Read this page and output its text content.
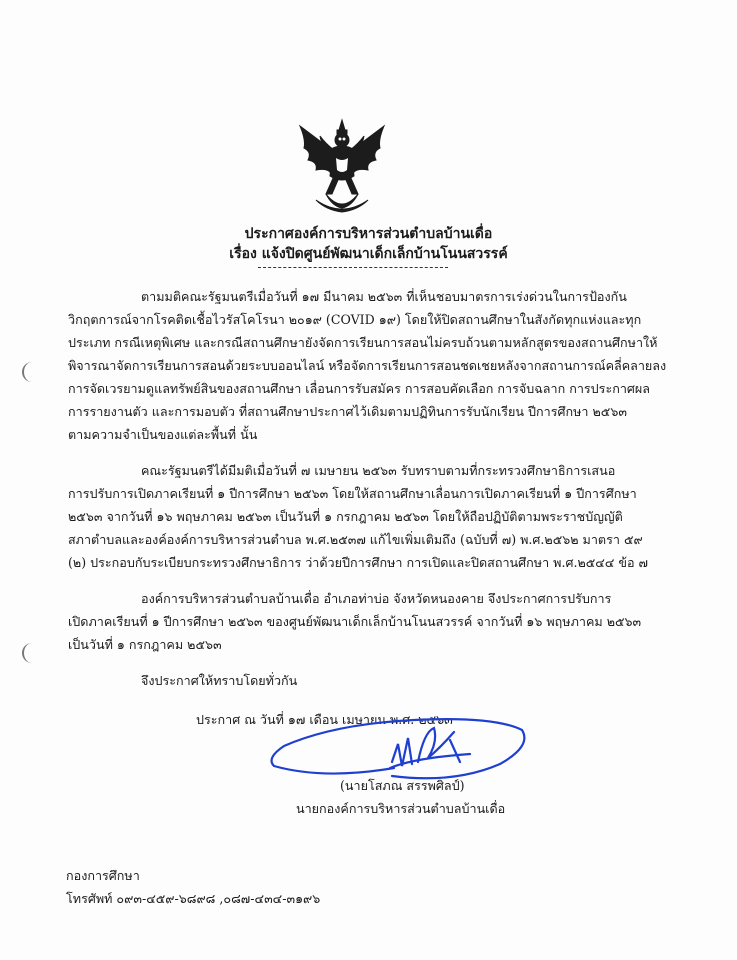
ประกาศองค์การบริหารส่วนตำบลบ้านเดื่อ
เรื่อง แจ้งปิดศูนย์พัฒนาเด็กเล็กบ้านโนนสวรรค์
ตามมติคณะรัฐมนตรีเมื่อวันที่ ๑๗ มีนาคม ๒๕๖๓ ที่เห็นชอบมาตรการเร่งด่วนในการป้องกัน
วิกฤตการณ์จากโรคติดเชื้อไวรัสโคโรนา ๒๐๑๙ (COVID ๑๙) โดยให้ปิดสถานศึกษาในสังกัดทุกแห่งและทุก
ประเภท กรณีเหตุพิเศษ และกรณีสถานศึกษายังจัดการเรียนการสอนไม่ครบถ้วนตามหลักสูตรของสถานศึกษาให้
พิจารณาจัดการเรียนการสอนด้วยระบบออนไลน์ หรือจัดการเรียนการสอนชดเชยหลังจากสถานการณ์คลี่คลายลง
การจัดเวรยามดูแลทรัพย์สินของสถานศึกษา เลื่อนการรับสมัคร การสอบคัดเลือก การจับฉลาก การประกาศผล
การรายงานตัว และการมอบตัว ที่สถานศึกษาประกาศไว้เดิมตามปฏิทินการรับนักเรียน ปีการศึกษา ๒๕๖๓
ตามความจำเป็นของแต่ละพื้นที่ นั้น
คณะรัฐมนตรีได้มีมติเมื่อวันที่ ๗ เมษายน ๒๕๖๓ รับทราบตามที่กระทรวงศึกษาธิการเสนอ
การปรับการเปิดภาคเรียนที่ ๑ ปีการศึกษา ๒๕๖๓ โดยให้สถานศึกษาเลื่อนการเปิดภาคเรียนที่ ๑ ปีการศึกษา
๒๕๖๓ จากวันที่ ๑๖ พฤษภาคม ๒๕๖๓ เป็นวันที่ ๑ กรกฎาคม ๒๕๖๓ โดยให้ถือปฏิบัติตามพระราชบัญญัติ
สภาตำบลและองค์องค์การบริหารส่วนตำบล พ.ศ.๒๕๓๗ แก้ไขเพิ่มเติมถึง (ฉบับที่ ๗) พ.ศ.๒๕๖๒ มาตรา ๕๙
(๒) ประกอบกับระเบียบกระทรวงศึกษาธิการ ว่าด้วยปีการศึกษา การเปิดและปิดสถานศึกษา พ.ศ.๒๕๔๔ ข้อ ๗
องค์การบริหารส่วนตำบลบ้านเดื่อ อำเภอท่าบ่อ จังหวัดหนองคาย จึงประกาศการปรับการ
เปิดภาคเรียนที่ ๑ ปีการศึกษา ๒๕๖๓ ของศูนย์พัฒนาเด็กเล็กบ้านโนนสวรรค์ จากวันที่ ๑๖ พฤษภาคม ๒๕๖๓
เป็นวันที่ ๑ กรกฎาคม ๒๕๖๓
จึงประกาศให้ทราบโดยทั่วกัน
ประกาศ ณ วันที่ ๑๗ เดือน เมษายน พ.ศ. ๒๕๖๓
(นายโสภณ สรรพศิลป์)
นายกองค์การบริหารส่วนตำบลบ้านเดื่อ
กองการศึกษา
โทรศัพท์ ๐๙๓-๔๕๙-๖๘๙๘ ,๐๘๗-๔๓๔-๓๑๙๖
